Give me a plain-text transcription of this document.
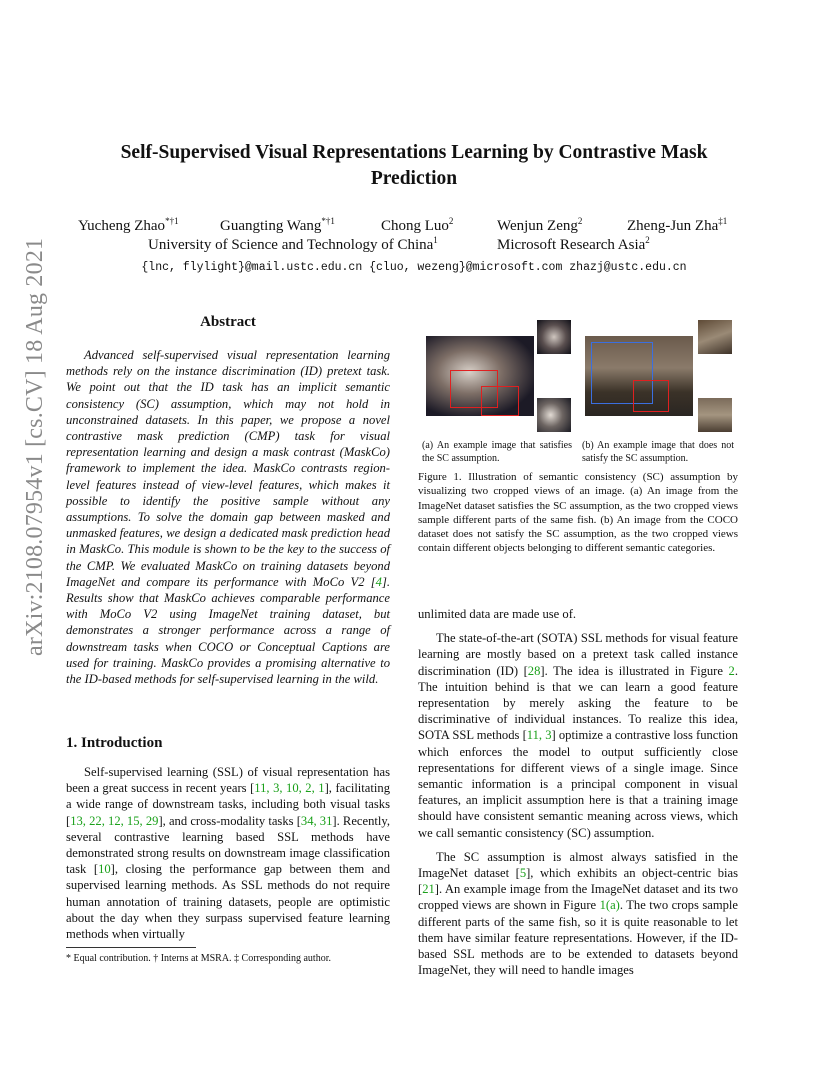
arXiv:2108.07954v1 [cs.CV] 18 Aug 2021
Self-Supervised Visual Representations Learning by Contrastive Mask Prediction
Yucheng Zhao$^{*\dagger 1}$	Guangting Wang$^{*\dagger 1}$	Chong Luo$^2$	Wenjun Zeng$^2$	Zheng-Jun Zha$^{\ddagger 1}$
University of Science and Technology of China$^1$	Microsoft Research Asia$^2$
{lnc, flylight}@mail.ustc.edu.cn {cluo, wezeng}@microsoft.com zhazj@ustc.edu.cn
Abstract

Advanced self-supervised visual representation learning methods rely on the instance discrimination (ID) pretext task. We point out that the ID task has an implicit semantic consistency (SC) assumption, which may not hold in unconstrained datasets. In this paper, we propose a novel contrastive mask prediction (CMP) task for visual representation learning and design a mask contrast (MaskCo) framework to implement the idea. MaskCo contrasts region-level features instead of view-level features, which makes it possible to identify the positive sample without any assumptions. To solve the domain gap between masked and unmasked features, we design a dedicated mask prediction head in MaskCo. This module is shown to be the key to the success of the CMP. We evaluated MaskCo on training datasets beyond ImageNet and compare its performance with MoCo V2 [4]. Results show that MaskCo achieves comparable performance with MoCo V2 using ImageNet training dataset, but demonstrates a stronger performance across a range of downstream tasks when COCO or Conceptual Captions are used for training. MaskCo provides a promising alternative to the ID-based methods for self-supervised learning in the wild.

1. Introduction

Self-supervised learning (SSL) of visual representation has been a great success in recent years [11, 3, 10, 2, 1], facilitating a wide range of downstream tasks, including both visual tasks [13, 22, 12, 15, 29], and cross-modality tasks [34, 31]. Recently, several contrastive learning based SSL methods have demonstrated strong results on downstream image classification task [10], closing the performance gap between them and supervised learning methods. As SSL methods do not require human annotation of training datasets, people are optimistic about the day when they surpass supervised feature learning methods when virtually

* Equal contribution. † Interns at MSRA. ‡ Corresponding author.
(a) An example image that satisfies the SC assumption.
(b) An example image that does not satisfy the SC assumption.
Figure 1. Illustration of semantic consistency (SC) assumption by visualizing two cropped views of an image. (a) An image from the ImageNet dataset satisfies the SC assumption, as the two cropped views sample different parts of the same fish. (b) An image from the COCO dataset does not satisfy the SC assumption, as the two cropped views contain different objects belonging to different semantic categories.

unlimited data are made use of.

The state-of-the-art (SOTA) SSL methods for visual feature learning are mostly based on a pretext task called instance discrimination (ID) [28]. The idea is illustrated in Figure 2. The intuition behind is that we can learn a good feature representation by merely asking the feature to be discriminative of individual instances. To realize this idea, SOTA SSL methods [11, 3] optimize a contrastive loss function which enforces the model to output sufficiently close representations for different views of a single image. Since semantic information is a principal component in visual features, an implicit assumption here is that a training image should have consistent semantic meaning across views, which we call semantic consistency (SC) assumption.

The SC assumption is almost always satisfied in the ImageNet dataset [5], which exhibits an object-centric bias [21]. An example image from the ImageNet dataset and its two cropped views are shown in Figure 1(a). The two crops sample different parts of the same fish, so it is quite reasonable to let them have similar feature representations. However, if the ID-based SSL methods are to be extended to datasets beyond ImageNet, they will need to handle images
